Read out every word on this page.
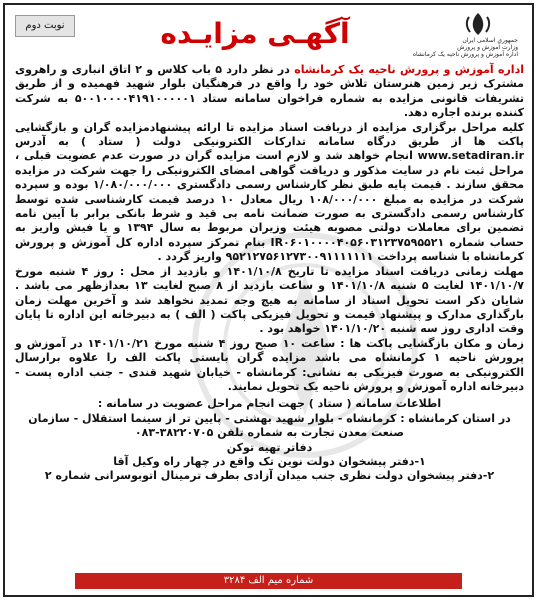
نوبت دوم
جمهوری اسلامی ایران
وزارت آموزش و پرورش
اداره آموزش و پرورش ناحیه یک کرمانشاه
آگهـی مزایـده

اداره آموزش و پرورش ناحیه یک کرمانشاه در نظر دارد ۵ باب کلاس و ۲ اتاق انباری و راهروی مشترک زیر زمین هنرستان تلاش خود را واقع در فرهنگیان بلوار شهید فهمیده و از طریق تشریفات قانونی مزایده به شماره فراخوان سامانه ستاد ۵۰۰۱۰۰۰۰۴۱۹۱۰۰۰۰۰۱ به شرکت کننده برنده اجاره دهد.

کلیه مراحل برگزاری مزایده از دریافت اسناد مزایده تا ارائه پیشنهادمزایده گران و بازگشایی پاکت ها از طریق درگاه سامانه تدارکات الکترونیکی دولت ( ستاد ) به آدرس www.setadiran.ir انجام خواهد شد و لازم است مزایده گران در صورت عدم عضویت قبلی ، مراحل ثبت نام در سایت مذکور و دریافت گواهی امضای الکترونیکی را جهت شرکت در مزایده محقق سازند . قیمت پایه طبق نظر کارشناس رسمی دادگستری ۱/۰۸۰/۰۰۰/۰۰۰ بوده و سپرده شرکت در مزایده به مبلغ ۱۰۸/۰۰۰/۰۰۰ ریال معادل ۱۰ درصد قیمت کارشناسی شده توسط کارشناس رسمی دادگستری به صورت ضمانت نامه بی قید و شرط بانکی برابر با آیین نامه تضمین برای معاملات دولتی مصوبه هیئت وزیران مربوط به سال ۱۳۹۴ و یا فیش واریز به حساب شماره IR۰۶۰۱۰۰۰۰۴۰۵۶۰۳۱۲۳۷۵۹۵۵۲۱ بنام تمرکز سپرده اداره کل آموزش و پرورش کرمانشاه با شناسه پرداخت ۹۵۲۱۲۷۵۶۱۲۷۳۰۰۹۱۱۱۱۱۱۱ واریز گردد .

مهلت زمانی دریافت اسناد مزایده تا تاریخ ۱۴۰۱/۱۰/۸ و بازدید از محل : روز ۴ شنبه مورخ ۱۴۰۱/۱۰/۷ لغایت ۵ شنبه ۱۴۰۱/۱۰/۸ و ساعت بازدید از ۸ صبح لغایت ۱۳ بعدازظهر می باشد . شایان ذکر است تحویل اسناد از سامانه به هیچ وجه تمدید نخواهد شد و آخرین مهلت زمان بارگذاری مدارک و پیشنهاد قیمت و تحویل فیزیکی پاکت ( الف ) به دبیرخانه این اداره تا پایان وقت اداری روز سه شنبه ۱۴۰۱/۱۰/۲۰ خواهد بود .

زمان و مکان بازگشایی پاکت ها : ساعت ۱۰ صبح روز ۴ شنبه مورخ ۱۴۰۱/۱۰/۲۱ در آموزش و پرورش ناحیه ۱ کرمانشاه می باشد مزایده گران بایستی پاکت الف را علاوه برارسال الکترونیکی به صورت فیزیکی به نشانی: کرمانشاه - خیابان شهید قندی - جنب اداره پست - دبیرخانه اداره آموزش و پرورش ناحیه یک تحویل نمایند.

اطلاعات سامانه ( ستاد ) جهت انجام مراحل عضویت در سامانه :

در استان کرمانشاه : کرمانشاه - بلوار شهید بهشتی - پایین تر از سینما استقلال - سازمان صنعت معدن تجارت به شماره تلفن ۳۸۲۲۰۷۰۵-۰۸۳

دفاتر تهیه توکن

۱-دفتر پیشخوان دولت نوین تک واقع در چهار راه وکیل آقا

۲-دفتر پیشخوان دولت نظری جنب میدان آزادی بطرف ترمینال اتوبوسرانی شماره ۲

شماره میم الف ۳۲۸۴
